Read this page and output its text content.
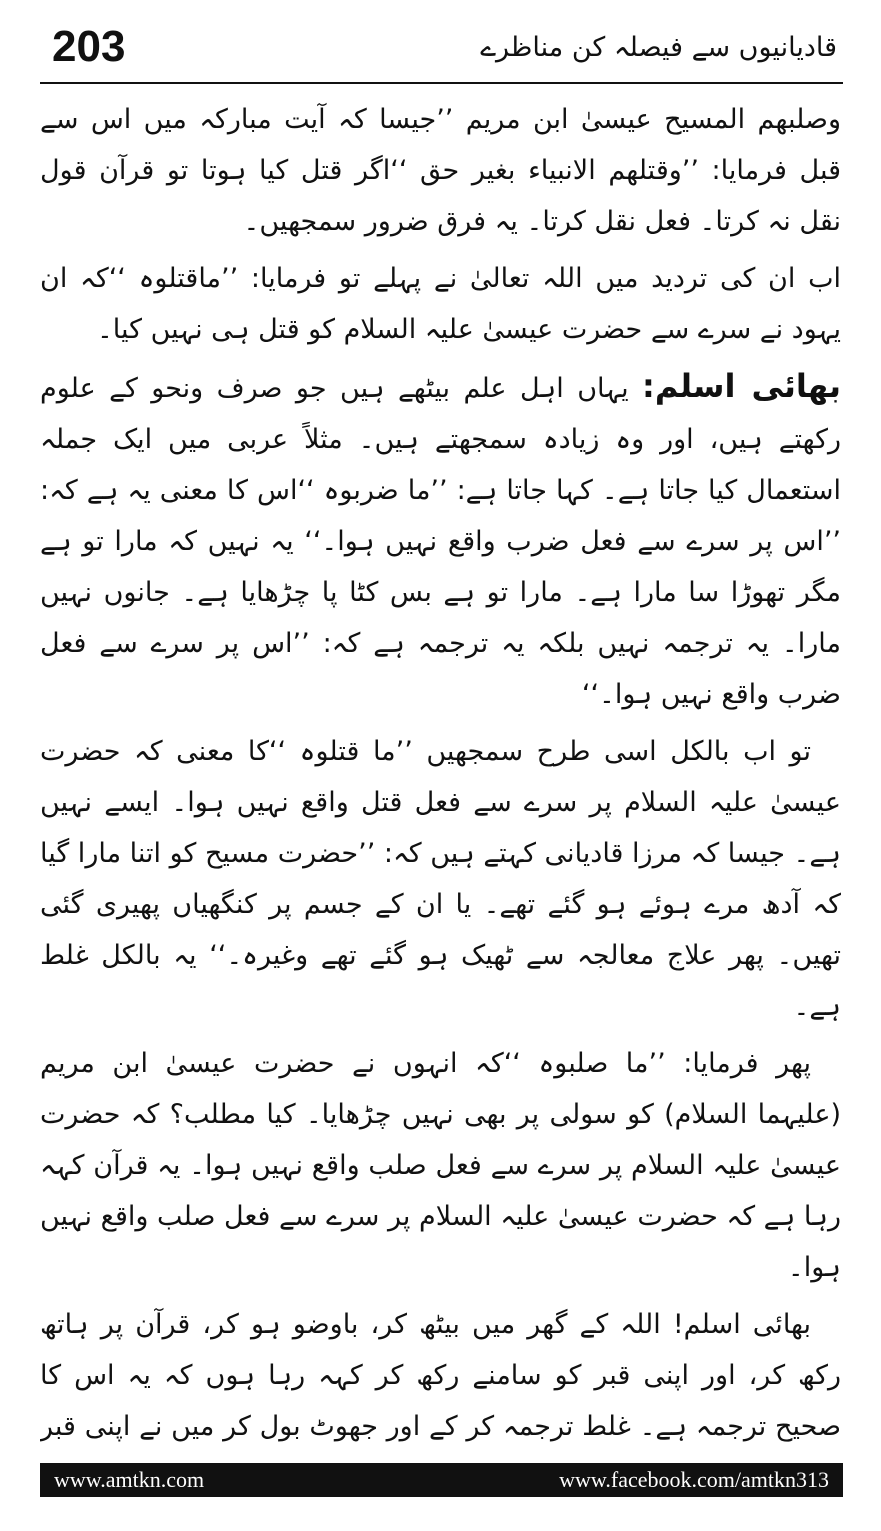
203	قادیانیوں سے فیصلہ کن مناظرے

وصلبهم المسیح عیسیٰ ابن مریم ’’جیسا کہ آیت مبارکہ میں اس سے قبل فرمایا: ’’وقتلهم الانبیاء بغیر حق ‘‘اگر قتل کیا ہوتا تو قرآن قول نقل نہ کرتا۔ فعل نقل کرتا۔ یہ فرق ضرور سمجھیں۔

اب ان کی تردید میں اللہ تعالیٰ نے پہلے تو فرمایا: ’’ماقتلوہ ‘‘کہ ان یہود نے سرے سے حضرت عیسیٰ علیہ السلام کو قتل ہی نہیں کیا۔

بھائی اسلم: یہاں اہل علم بیٹھے ہیں جو صرف ونحو کے علوم رکھتے ہیں، اور وہ زیادہ سمجھتے ہیں۔ مثلاً عربی میں ایک جملہ استعمال کیا جاتا ہے۔ کہا جاتا ہے: ’’ما ضربوہ ‘‘اس کا معنی یہ ہے کہ: ’’اس پر سرے سے فعل ضرب واقع نہیں ہوا۔‘‘ یہ نہیں کہ مارا تو ہے مگر تھوڑا سا مارا ہے۔ مارا تو ہے بس کٹا پا چڑھایا ہے۔ جانوں نہیں مارا۔ یہ ترجمہ نہیں بلکہ یہ ترجمہ ہے کہ: ’’اس پر سرے سے فعل ضرب واقع نہیں ہوا۔‘‘

تو اب بالکل اسی طرح سمجھیں ’’ما قتلوہ ‘‘کا معنی کہ حضرت عیسیٰ علیہ السلام پر سرے سے فعل قتل واقع نہیں ہوا۔ ایسے نہیں ہے۔ جیسا کہ مرزا قادیانی کہتے ہیں کہ: ’’حضرت مسیح کو اتنا مارا گیا کہ آدھ مرے ہوئے ہو گئے تھے۔ یا ان کے جسم پر کنگھیاں پھیری گئی تھیں۔ پھر علاج معالجہ سے ٹھیک ہو گئے تھے وغیرہ۔‘‘ یہ بالکل غلط ہے۔

پھر فرمایا: ’’ما صلبوہ ‘‘کہ انہوں نے حضرت عیسیٰ ابن مریم (علیہما السلام) کو سولی پر بھی نہیں چڑھایا۔ کیا مطلب؟ کہ حضرت عیسیٰ علیہ السلام پر سرے سے فعل صلب واقع نہیں ہوا۔ یہ قرآن کہہ رہا ہے کہ حضرت عیسیٰ علیہ السلام پر سرے سے فعل صلب واقع نہیں ہوا۔

بھائی اسلم! اللہ کے گھر میں بیٹھ کر، باوضو ہو کر، قرآن پر ہاتھ رکھ کر، اور اپنی قبر کو سامنے رکھ کر کہہ رہا ہوں کہ یہ اس کا صحیح ترجمہ ہے۔ غلط ترجمہ کر کے اور جھوٹ بول کر میں نے اپنی قبر

www.amtkn.com	www.facebook.com/amtkn313
